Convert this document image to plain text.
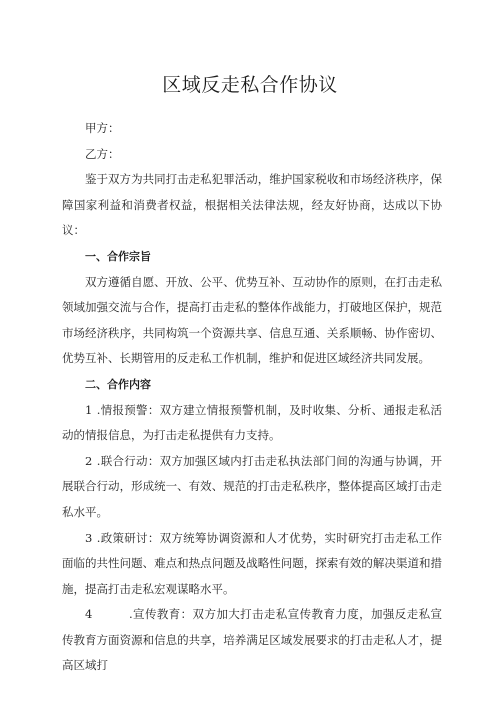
区域反走私合作协议

甲方：

乙方：

鉴于双方为共同打击走私犯罪活动，维护国家税收和市场经济秩序，保障国家利益和消费者权益，根据相关法律法规，经友好协商，达成以下协议：

一、合作宗旨

双方遵循自愿、开放、公平、优势互补、互动协作的原则，在打击走私领域加强交流与合作，提高打击走私的整体作战能力，打破地区保护，规范市场经济秩序，共同构筑一个资源共享、信息互通、关系顺畅、协作密切、优势互补、长期管用的反走私工作机制，维护和促进区域经济共同发展。

二、合作内容

1 .情报预警：双方建立情报预警机制，及时收集、分析、通报走私活动的情报信息，为打击走私提供有力支持。

2 .联合行动：双方加强区域内打击走私执法部门间的沟通与协调，开展联合行动，形成统一、有效、规范的打击走私秩序，整体提高区域打击走私水平。

3 .政策研讨：双方统筹协调资源和人才优势，实时研究打击走私工作面临的共性问题、难点和热点问题及战略性问题，探索有效的解决渠道和措施，提高打击走私宏观谋略水平。

4	.宣传教育：双方加大打击走私宣传教育力度，加强反走私宣传教育方面资源和信息的共享，培养满足区域发展要求的打击走私人才，提高区域打
